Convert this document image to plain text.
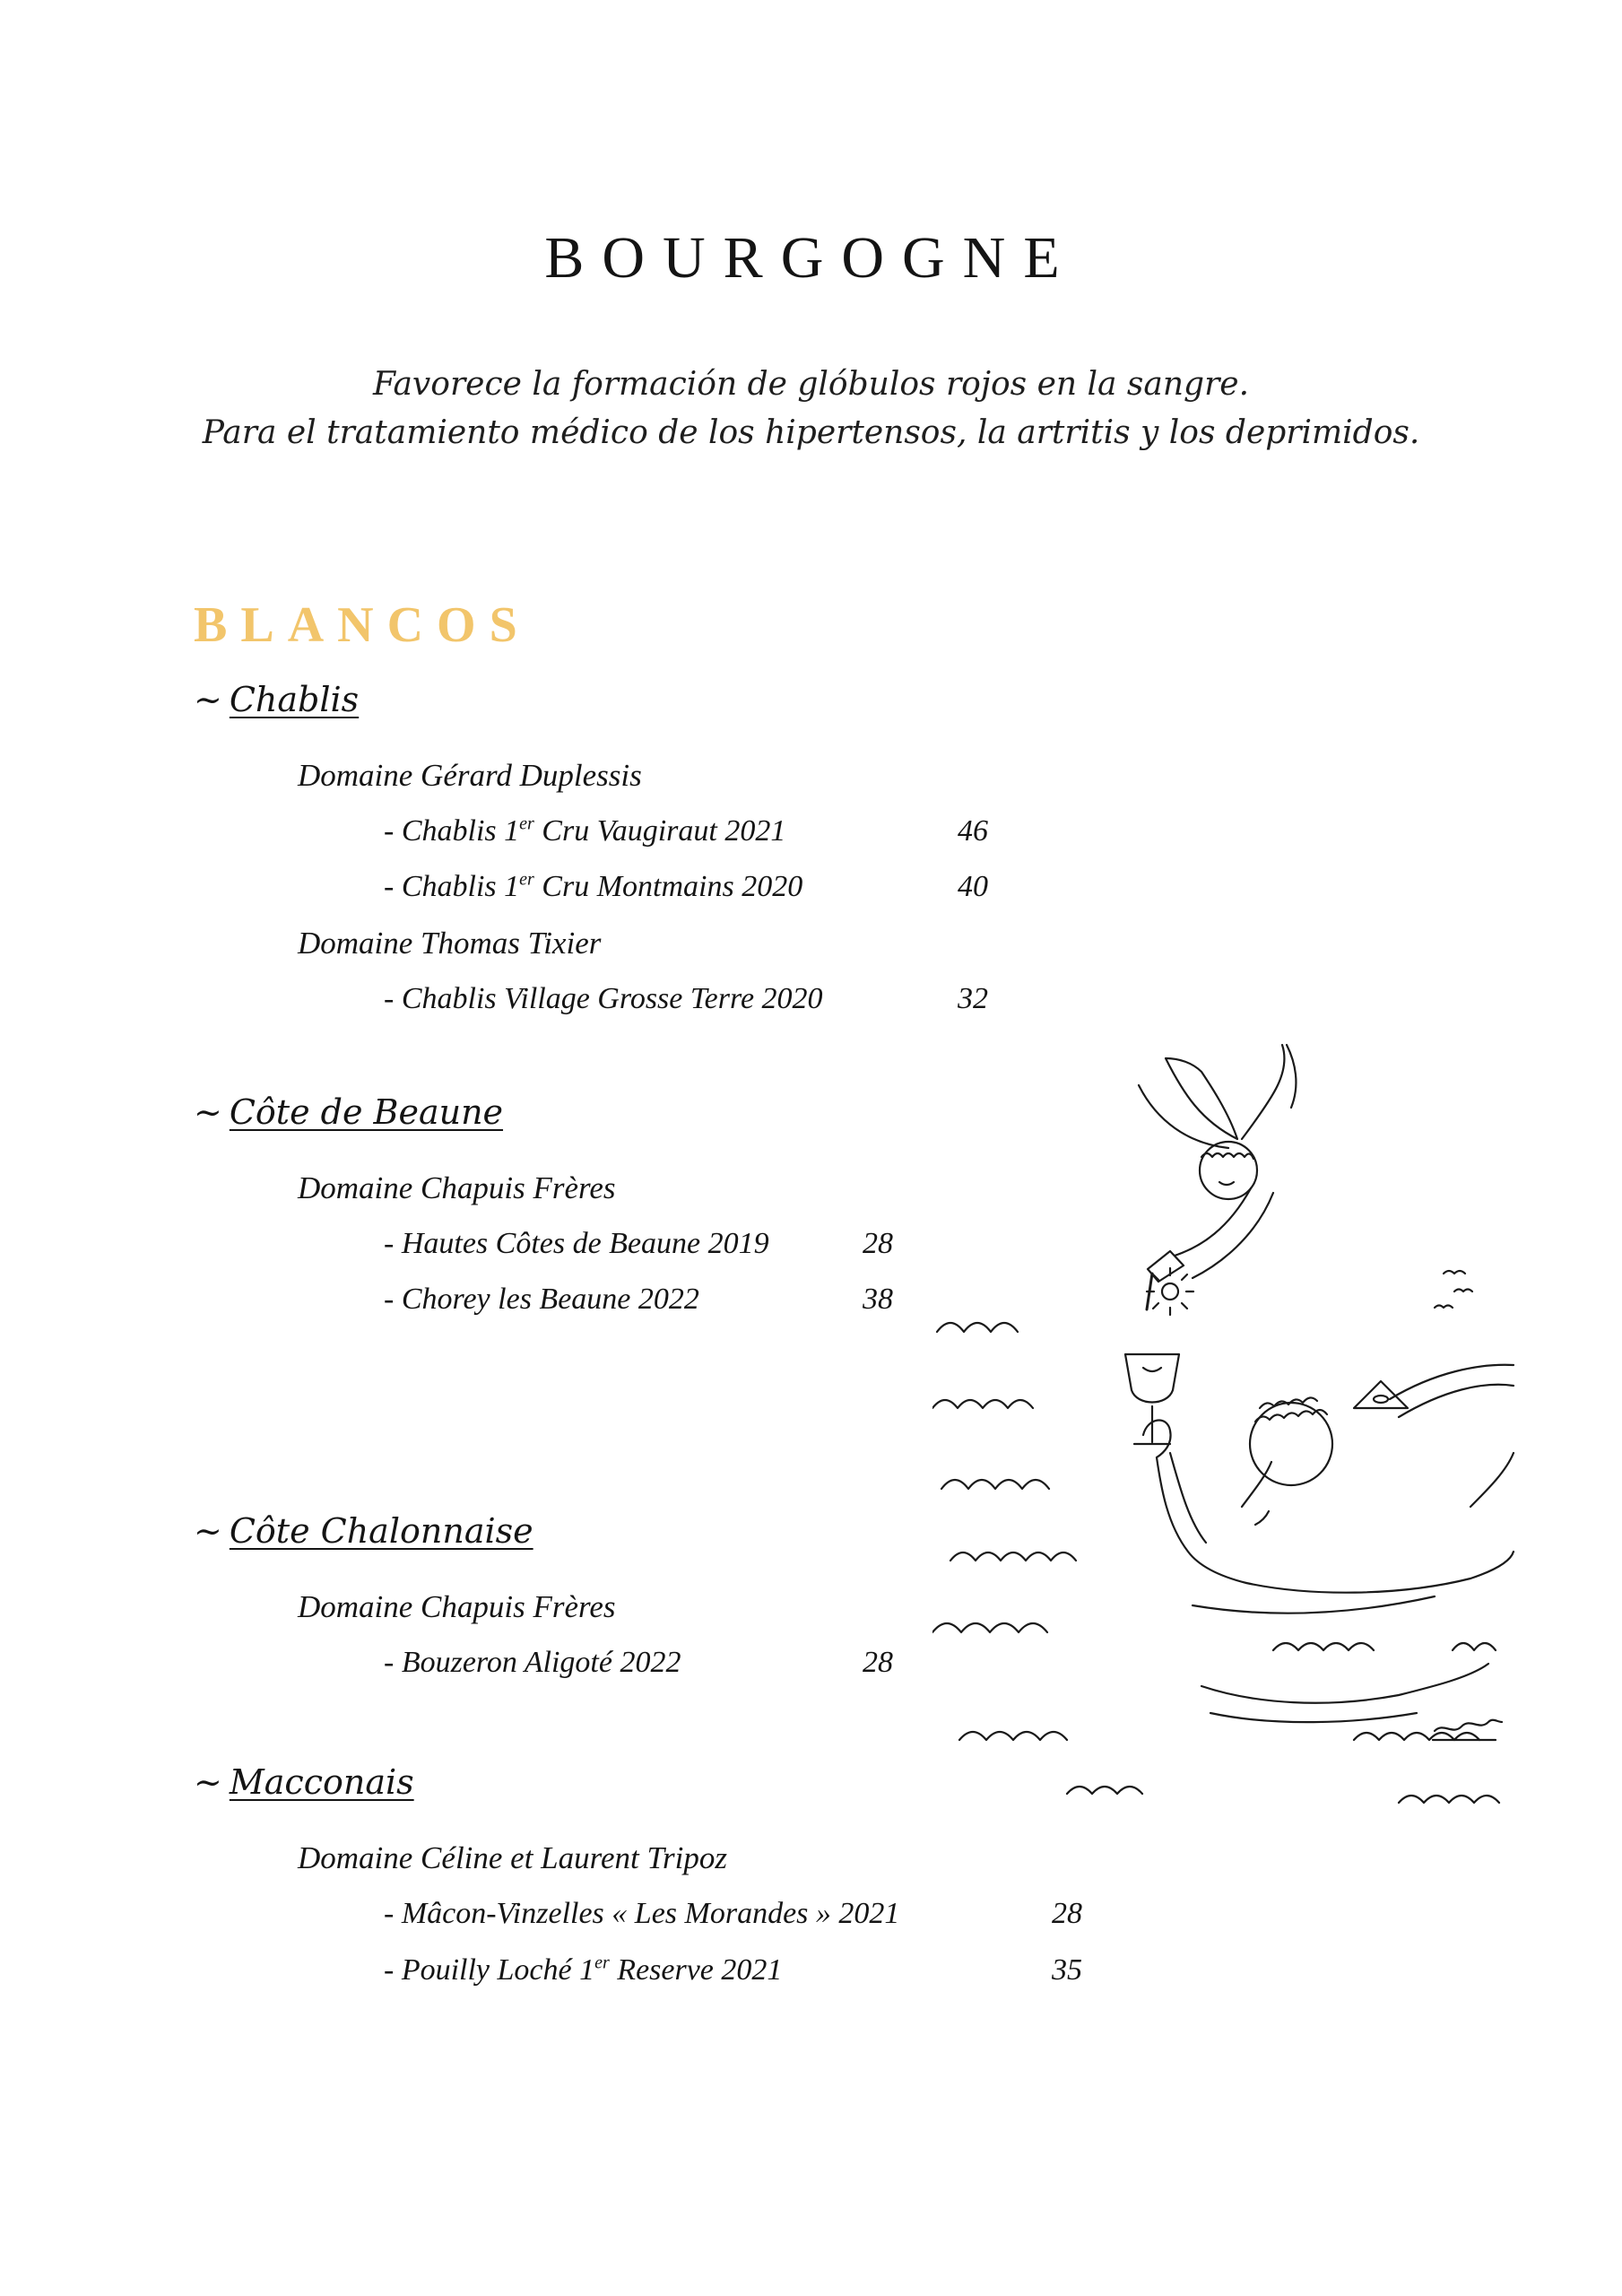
BOURGOGNE
Favorece la formación de glóbulos rojos en la sangre.
Para el tratamiento médico de los hipertensos, la artritis y los deprimidos.
BLANCOS
~ Chablis
Domaine Gérard Duplessis
- Chablis 1er Cru Vaugiraut 2021	46
- Chablis 1er Cru Montmains 2020	40
Domaine Thomas Tixier
- Chablis Village Grosse Terre 2020	32
~ Côte de Beaune
Domaine Chapuis Frères
- Hautes Côtes de Beaune 2019	28
- Chorey les Beaune 2022	38
~ Côte Chalonnaise
Domaine Chapuis Frères
- Bouzeron Aligoté 2022	28
~ Macconais
Domaine Céline et Laurent Tripoz
- Mâcon-Vinzelles « Les Morandes » 2021	28
- Pouilly Loché 1er Reserve 2021	35
